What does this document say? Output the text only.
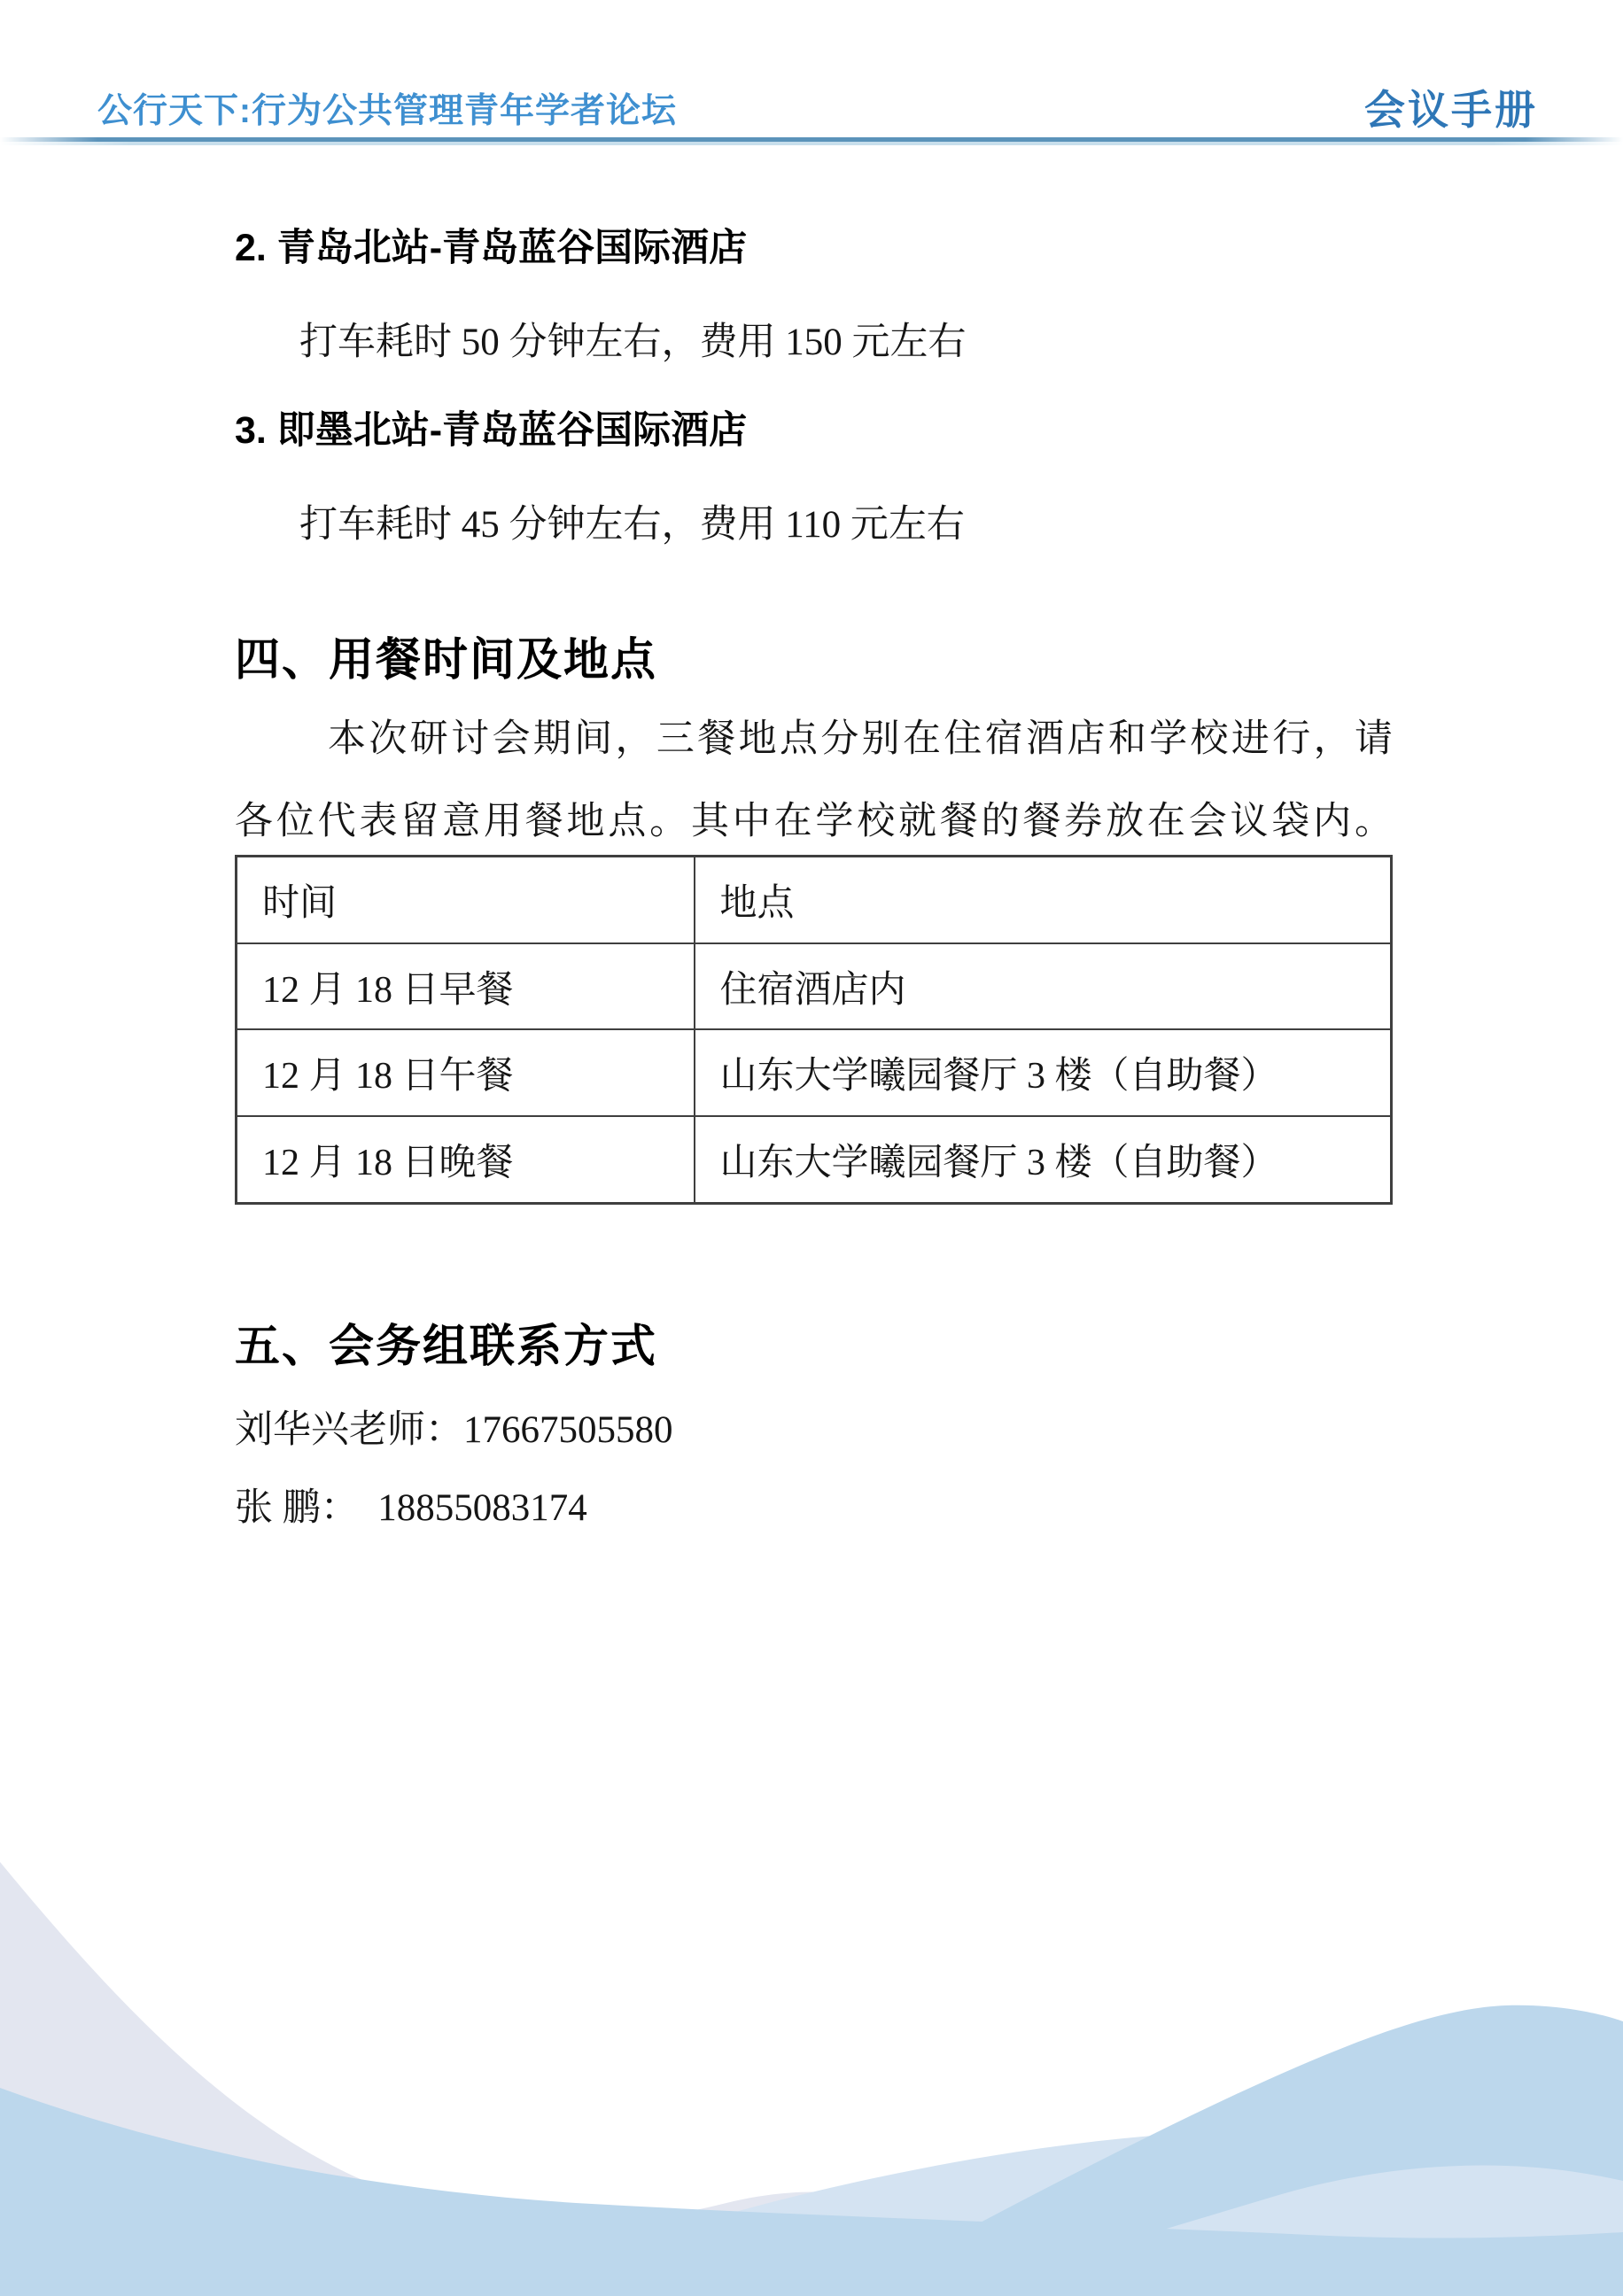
公行天下:行为公共管理青年学者论坛	会议手册
2. 青岛北站-青岛蓝谷国际酒店
打车耗时 50 分钟左右，费用 150 元左右
3. 即墨北站-青岛蓝谷国际酒店
打车耗时 45 分钟左右，费用 110 元左右
四、用餐时间及地点
本次研讨会期间，三餐地点分别在住宿酒店和学校进行，请
各位代表留意用餐地点。其中在学校就餐的餐券放在会议袋内。
时间	地点
12 月 18 日早餐	住宿酒店内
12 月 18 日午餐	山东大学曦园餐厅 3 楼（自助餐）
12 月 18 日晚餐	山东大学曦园餐厅 3 楼（自助餐）
五、会务组联系方式
刘华兴老师：17667505580
张 鹏：  18855083174
